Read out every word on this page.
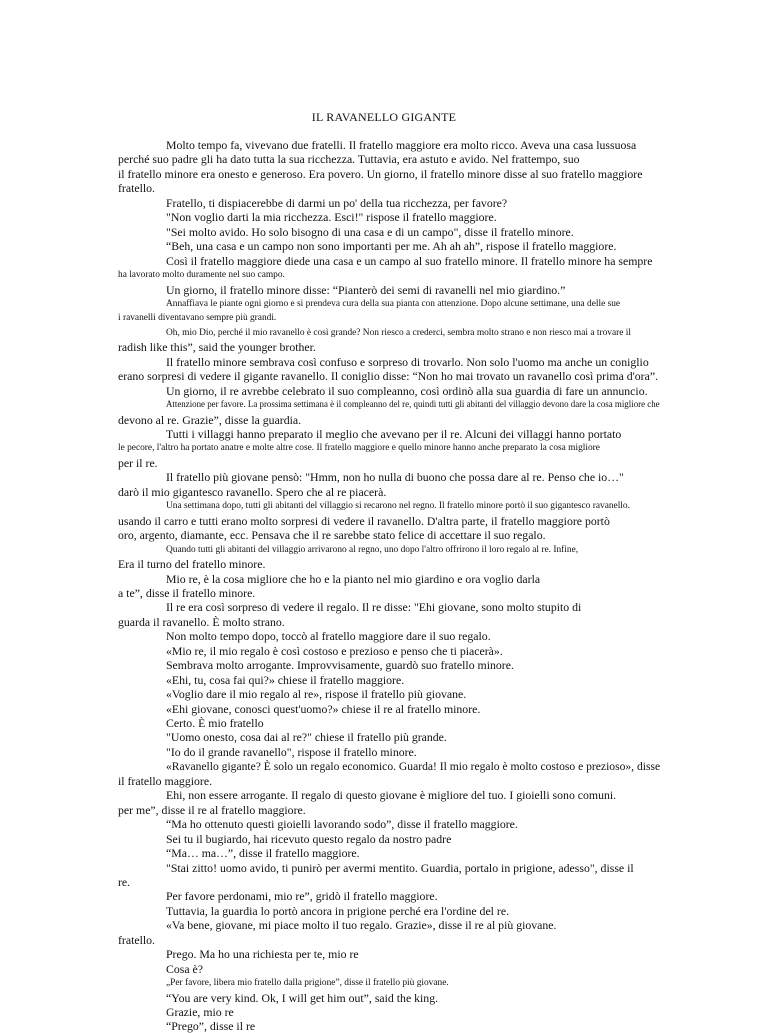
IL RAVANELLO GIGANTE
Molto tempo fa, vivevano due fratelli. Il fratello maggiore era molto ricco. Aveva una casa lussuosa
perché suo padre gli ha dato tutta la sua ricchezza. Tuttavia, era astuto e avido. Nel frattempo, suo
il fratello minore era onesto e generoso. Era povero. Un giorno, il fratello minore disse al suo fratello maggiore
fratello.
Fratello, ti dispiacerebbe di darmi un po' della tua ricchezza, per favore?
"Non voglio darti la mia ricchezza. Esci!" rispose il fratello maggiore.
"Sei molto avido. Ho solo bisogno di una casa e di un campo", disse il fratello minore.
“Beh, una casa e un campo non sono importanti per me. Ah ah ah”, rispose il fratello maggiore.
Così il fratello maggiore diede una casa e un campo al suo fratello minore. Il fratello minore ha sempre
ha lavorato molto duramente nel suo campo.
Un giorno, il fratello minore disse: “Pianterò dei semi di ravanelli nel mio giardino.”
Annaffiava le piante ogni giorno e si prendeva cura della sua pianta con attenzione. Dopo alcune settimane, una delle sue
i ravanelli diventavano sempre più grandi.
Oh, mio Dio, perché il mio ravanello è così grande? Non riesco a crederci, sembra molto strano e non riesco mai a trovare il
radish like this”, said the younger brother.
Il fratello minore sembrava così confuso e sorpreso di trovarlo. Non solo l'uomo ma anche un coniglio
erano sorpresi di vedere il gigante ravanello. Il coniglio disse: “Non ho mai trovato un ravanello così prima d'ora”.
Un giorno, il re avrebbe celebrato il suo compleanno, così ordinò alla sua guardia di fare un annuncio.
Attenzione per favore. La prossima settimana è il compleanno del re, quindi tutti gli abitanti del villaggio devono dare la cosa migliore che
devono al re. Grazie”, disse la guardia.
Tutti i villaggi hanno preparato il meglio che avevano per il re. Alcuni dei villaggi hanno portato
le pecore, l'altro ha portato anatre e molte altre cose. Il fratello maggiore e quello minore hanno anche preparato la cosa migliore
per il re.
Il fratello più giovane pensò: "Hmm, non ho nulla di buono che possa dare al re. Penso che io…"
darò il mio gigantesco ravanello. Spero che al re piacerà.
Una settimana dopo, tutti gli abitanti del villaggio si recarono nel regno. Il fratello minore portò il suo gigantesco ravanello.
usando il carro e tutti erano molto sorpresi di vedere il ravanello. D'altra parte, il fratello maggiore portò
oro, argento, diamante, ecc. Pensava che il re sarebbe stato felice di accettare il suo regalo.
Quando tutti gli abitanti del villaggio arrivarono al regno, uno dopo l'altro offrirono il loro regalo al re. Infine,
Era il turno del fratello minore.
Mio re, è la cosa migliore che ho e la pianto nel mio giardino e ora voglio darla
a te”, disse il fratello minore.
Il re era così sorpreso di vedere il regalo. Il re disse: "Ehi giovane, sono molto stupito di
guarda il ravanello. È molto strano.
Non molto tempo dopo, toccò al fratello maggiore dare il suo regalo.
«Mio re, il mio regalo è così costoso e prezioso e penso che ti piacerà».
Sembrava molto arrogante. Improvvisamente, guardò suo fratello minore.
«Ehi, tu, cosa fai qui?» chiese il fratello maggiore.
«Voglio dare il mio regalo al re», rispose il fratello più giovane.
«Ehi giovane, conosci quest'uomo?» chiese il re al fratello minore.
Certo. È mio fratello
"Uomo onesto, cosa dai al re?" chiese il fratello più grande.
"Io do il grande ravanello", rispose il fratello minore.
«Ravanello gigante? È solo un regalo economico. Guarda! Il mio regalo è molto costoso e prezioso», disse
il fratello maggiore.
Ehi, non essere arrogante. Il regalo di questo giovane è migliore del tuo. I gioielli sono comuni.
per me”, disse il re al fratello maggiore.
“Ma ho ottenuto questi gioielli lavorando sodo”, disse il fratello maggiore.
Sei tu il bugiardo, hai ricevuto questo regalo da nostro padre
“Ma… ma…”, disse il fratello maggiore.
"Stai zitto! uomo avido, ti punirò per avermi mentito. Guardia, portalo in prigione, adesso", disse il
re.
Per favore perdonami, mio re”, gridò il fratello maggiore.
Tuttavia, la guardia lo portò ancora in prigione perché era l'ordine del re.
«Va bene, giovane, mi piace molto il tuo regalo. Grazie», disse il re al più giovane.
fratello.
Prego. Ma ho una richiesta per te, mio re
Cosa è?
„Per favore, libera mio fratello dalla prigione”, disse il fratello più giovane.
“You are very kind. Ok, I will get him out”, said the king.
Grazie, mio re
“Prego”, disse il re
